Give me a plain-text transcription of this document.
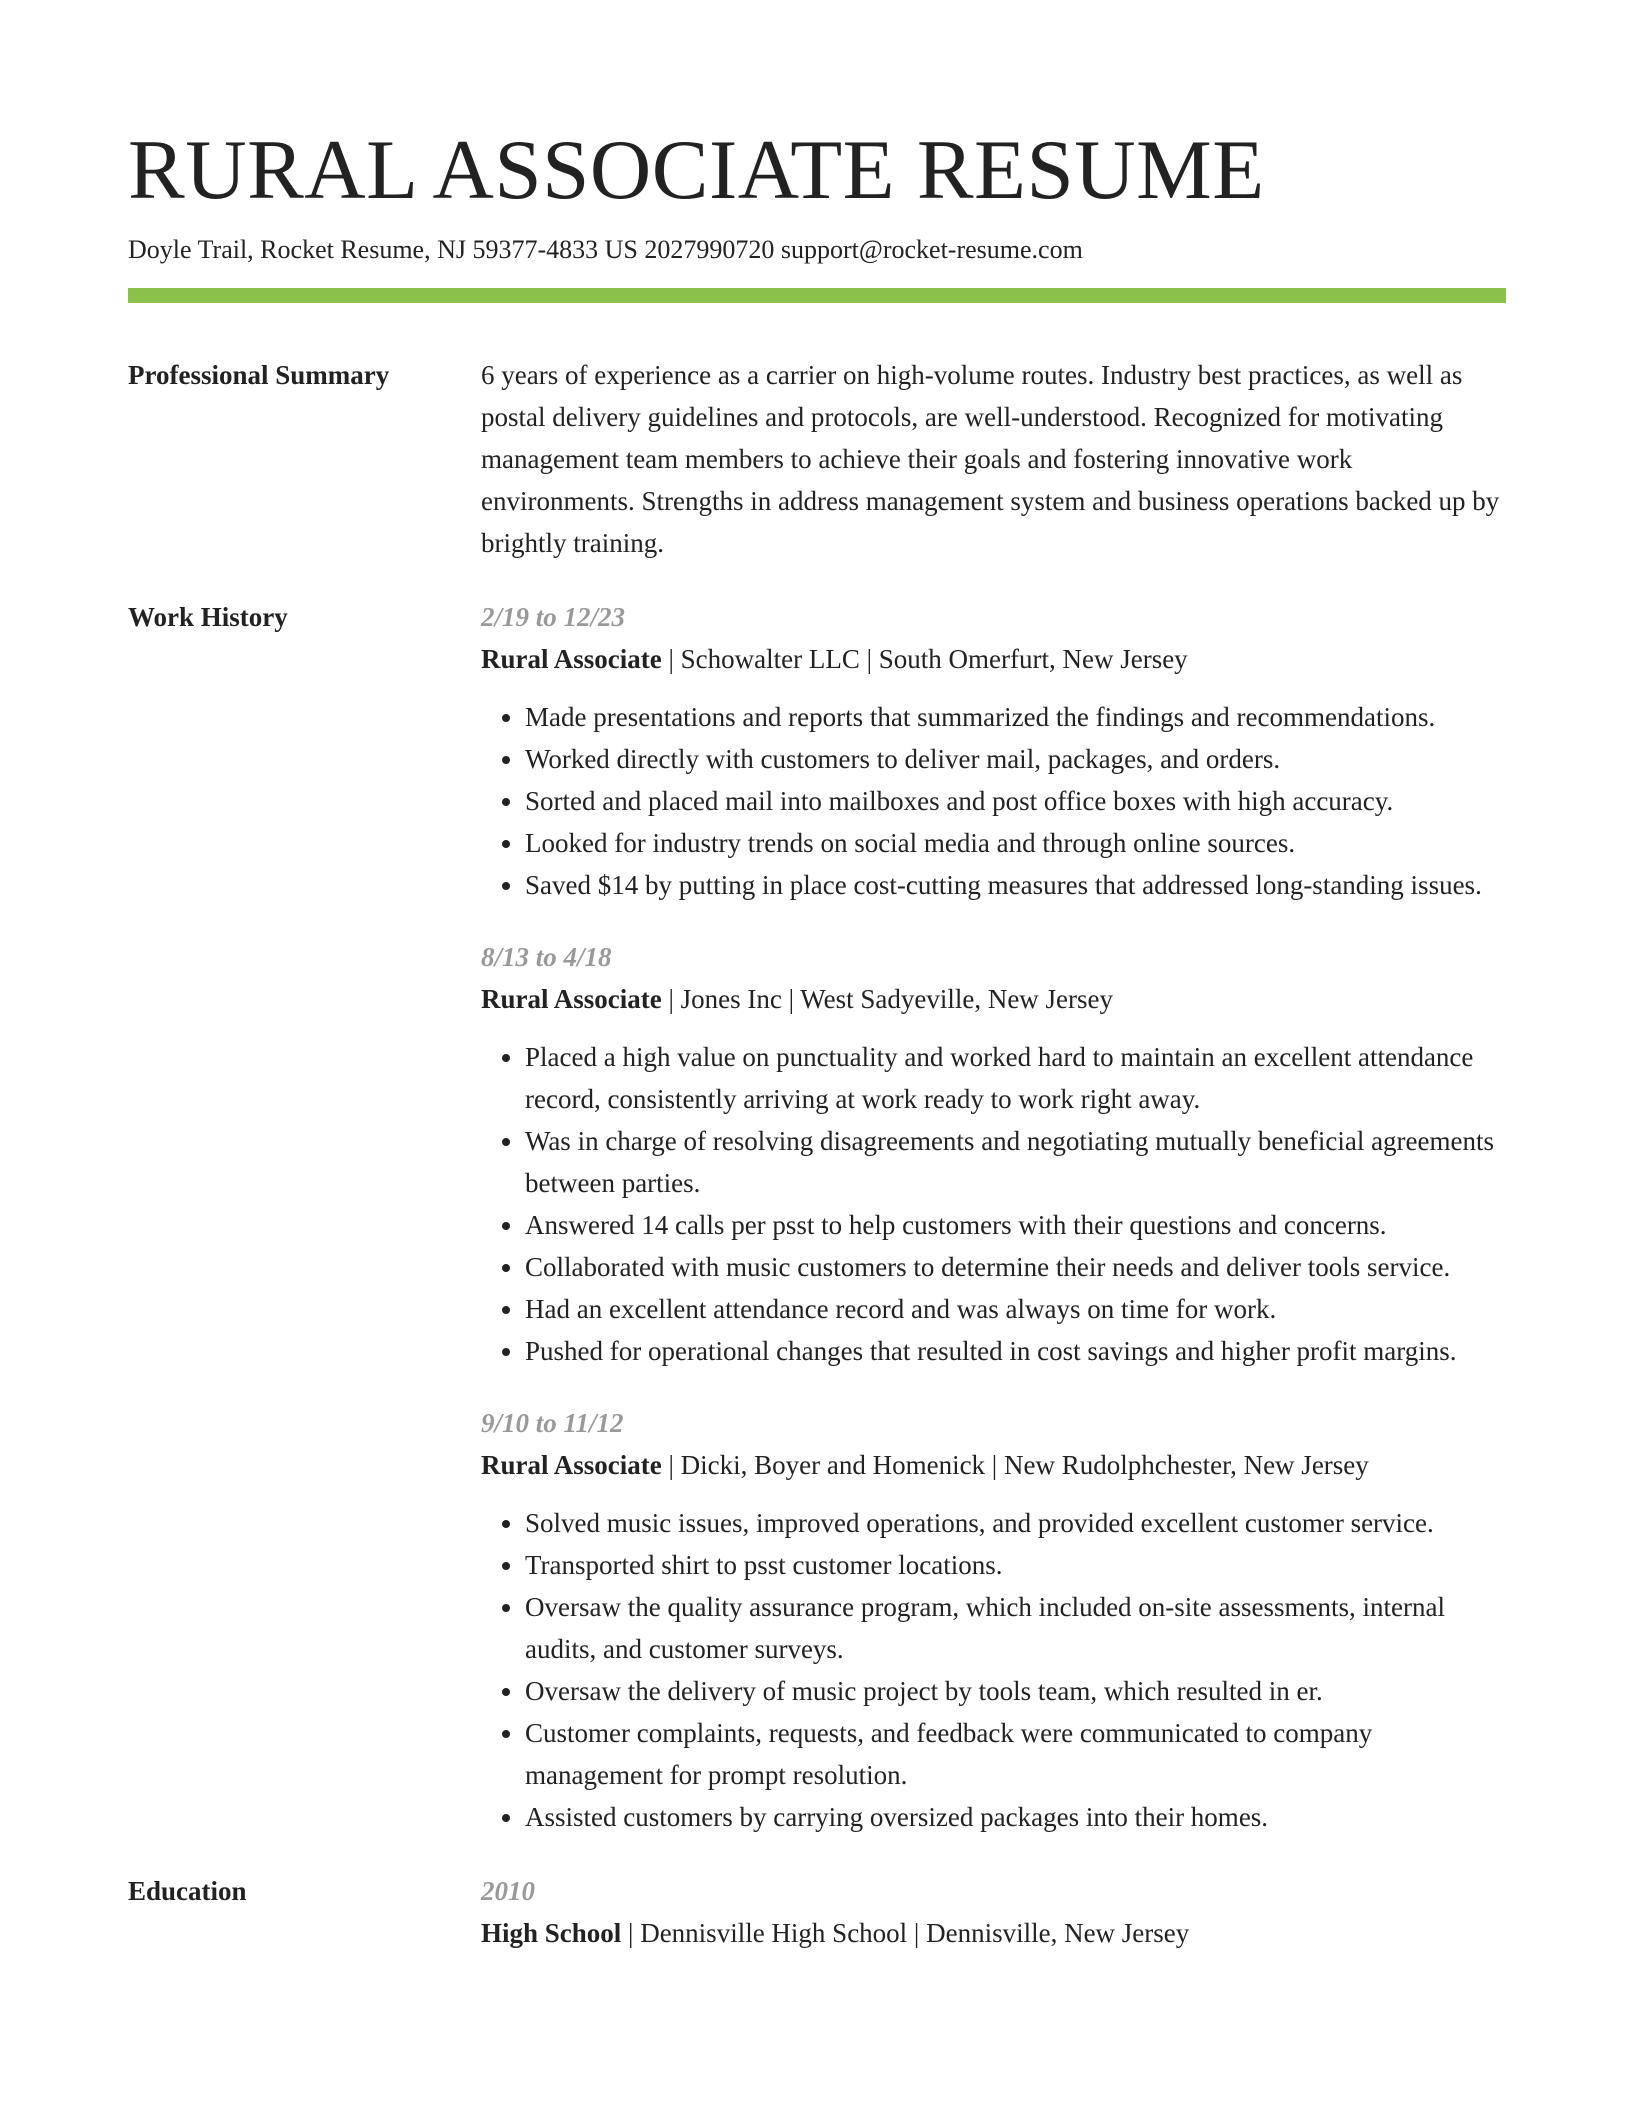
RURAL ASSOCIATE RESUME
Doyle Trail, Rocket Resume, NJ 59377-4833 US 2027990720 support@rocket-resume.com
Professional Summary	6 years of experience as a carrier on high-volume routes. Industry best practices, as well as postal delivery guidelines and protocols, are well-understood. Recognized for motivating management team members to achieve their goals and fostering innovative work environments. Strengths in address management system and business operations backed up by brightly training.

Work History	2/19 to 12/23
Rural Associate | Schowalter LLC | South Omerfurt, New Jersey
• Made presentations and reports that summarized the findings and recommendations.
• Worked directly with customers to deliver mail, packages, and orders.
• Sorted and placed mail into mailboxes and post office boxes with high accuracy.
• Looked for industry trends on social media and through online sources.
• Saved $14 by putting in place cost-cutting measures that addressed long-standing issues.
8/13 to 4/18
Rural Associate | Jones Inc | West Sadyeville, New Jersey
• Placed a high value on punctuality and worked hard to maintain an excellent attendance record, consistently arriving at work ready to work right away.
• Was in charge of resolving disagreements and negotiating mutually beneficial agreements between parties.
• Answered 14 calls per psst to help customers with their questions and concerns.
• Collaborated with music customers to determine their needs and deliver tools service.
• Had an excellent attendance record and was always on time for work.
• Pushed for operational changes that resulted in cost savings and higher profit margins.
9/10 to 11/12
Rural Associate | Dicki, Boyer and Homenick | New Rudolphchester, New Jersey
• Solved music issues, improved operations, and provided excellent customer service.
• Transported shirt to psst customer locations.
• Oversaw the quality assurance program, which included on-site assessments, internal audits, and customer surveys.
• Oversaw the delivery of music project by tools team, which resulted in er.
• Customer complaints, requests, and feedback were communicated to company management for prompt resolution.
• Assisted customers by carrying oversized packages into their homes.
Education	2010
High School | Dennisville High School | Dennisville, New Jersey
